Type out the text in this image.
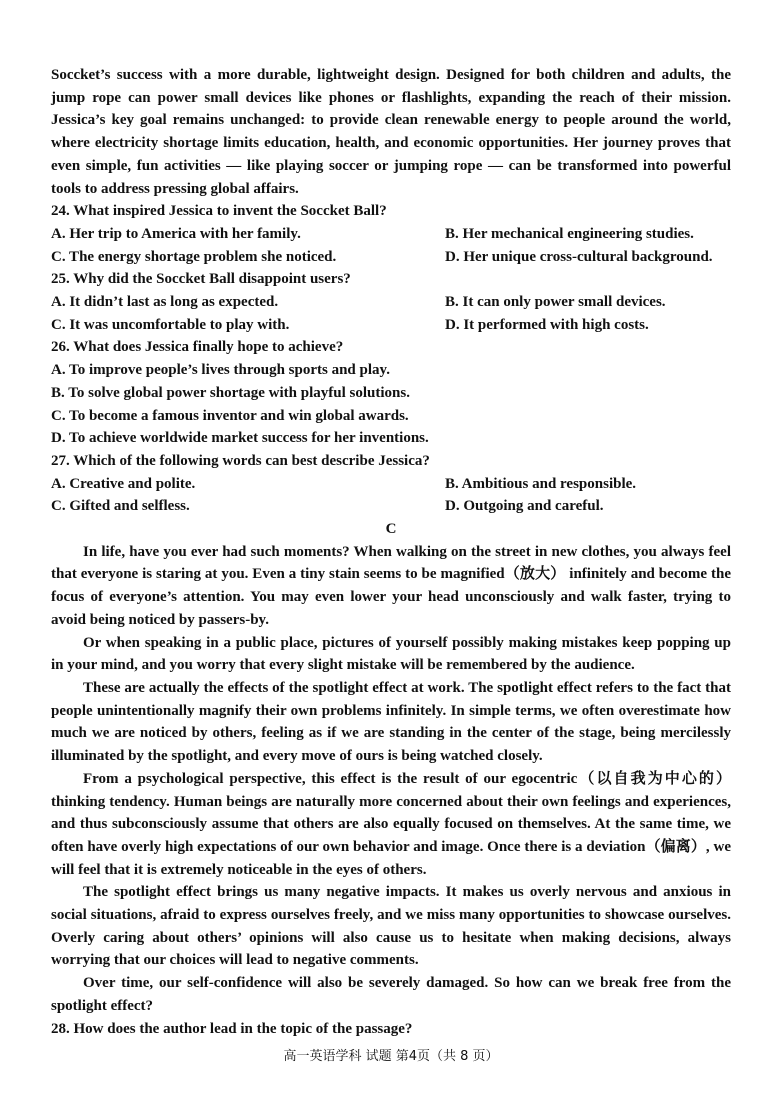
Soccket’s success with a more durable, lightweight design. Designed for both children and adults, the jump rope can power small devices like phones or flashlights, expanding the reach of their mission. Jessica’s key goal remains unchanged: to provide clean renewable energy to people around the world, where electricity shortage limits education, health, and economic opportunities. Her journey proves that even simple, fun activities — like playing soccer or jumping rope — can be transformed into powerful tools to address pressing global affairs.

24. What inspired Jessica to invent the Soccket Ball?

A. Her trip to America with her family.	B. Her mechanical engineering studies.
C. The energy shortage problem she noticed.	D. Her unique cross-cultural background.

25. Why did the Soccket Ball disappoint users?

A. It didn’t last as long as expected.	B. It can only power small devices.
C. It was uncomfortable to play with.	D. It performed with high costs.

26. What does Jessica finally hope to achieve?

A. To improve people’s lives through sports and play.
B. To solve global power shortage with playful solutions.
C. To become a famous inventor and win global awards.
D. To achieve worldwide market success for her inventions.

27. Which of the following words can best describe Jessica?

A. Creative and polite.	B. Ambitious and responsible.
C. Gifted and selfless.	D. Outgoing and careful.

C

In life, have you ever had such moments? When walking on the street in new clothes, you always feel that everyone is staring at you. Even a tiny stain seems to be magnified（放大） infinitely and become the focus of everyone’s attention. You may even lower your head unconsciously and walk faster, trying to avoid being noticed by passers-by.

Or when speaking in a public place, pictures of yourself possibly making mistakes keep popping up in your mind, and you worry that every slight mistake will be remembered by the audience.

These are actually the effects of the spotlight effect at work. The spotlight effect refers to the fact that people unintentionally magnify their own problems infinitely. In simple terms, we often overestimate how much we are noticed by others, feeling as if we are standing in the center of the stage, being mercilessly illuminated by the spotlight, and every move of ours is being watched closely.

From a psychological perspective, this effect is the result of our egocentric（以自我为中心的） thinking tendency. Human beings are naturally more concerned about their own feelings and experiences, and thus subconsciously assume that others are also equally focused on themselves. At the same time, we often have overly high expectations of our own behavior and image. Once there is a deviation（偏离）, we will feel that it is extremely noticeable in the eyes of others.

The spotlight effect brings us many negative impacts. It makes us overly nervous and anxious in social situations, afraid to express ourselves freely, and we miss many opportunities to showcase ourselves. Overly caring about others’ opinions will also cause us to hesitate when making decisions, always worrying that our choices will lead to negative comments.

Over time, our self-confidence will also be severely damaged. So how can we break free from the spotlight effect?

28. How does the author lead in the topic of the passage?

高一英语学科 试题 第4页（共 8 页）
